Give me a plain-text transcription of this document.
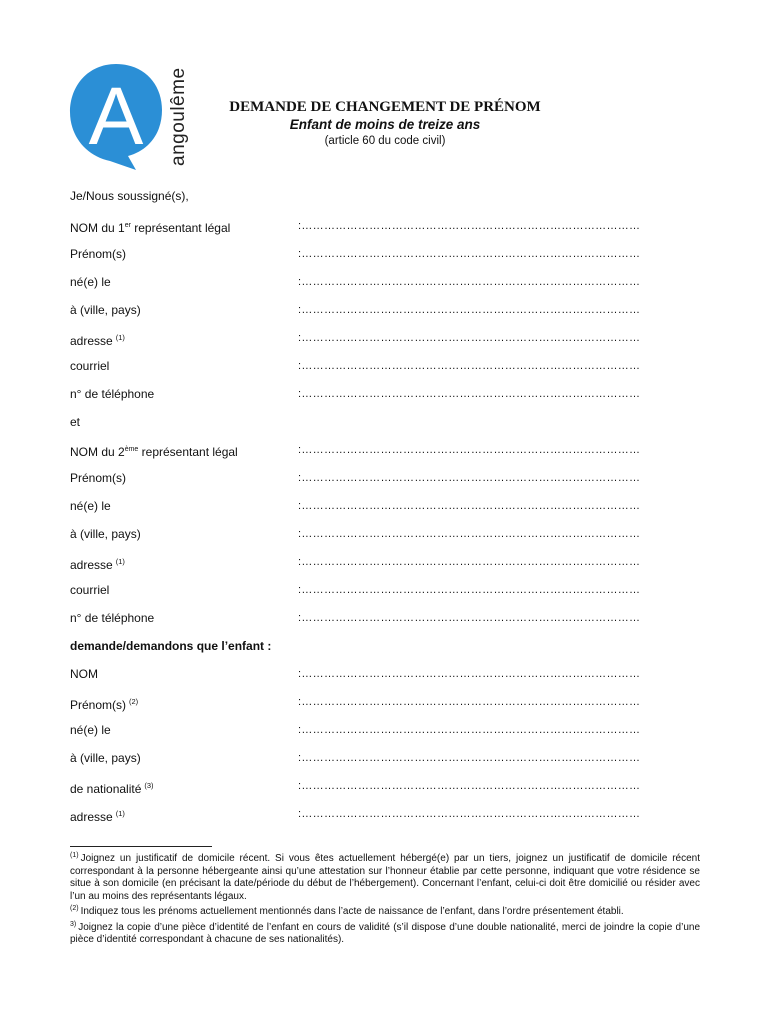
A angoulême	DEMANDE DE CHANGEMENT DE PRÉNOM

Enfant de moins de treize ans

(article 60 du code civil)

Je/Nous soussigné(s),
NOM du 1er représentant légal	:………………………………………………………………………………
Prénom(s)	:………………………………………………………………………………
né(e) le	:………………………………………………………………………………
à (ville, pays)	:………………………………………………………………………………
adresse $^{(1)}$	:………………………………………………………………………………
courriel	:………………………………………………………………………………
n° de téléphone	:………………………………………………………………………………
et
NOM du 2ème représentant légal	:………………………………………………………………………………
Prénom(s)	:………………………………………………………………………………
né(e) le	:………………………………………………………………………………
à (ville, pays)	:………………………………………………………………………………
adresse $^{(1)}$	:………………………………………………………………………………
courriel	:………………………………………………………………………………
n° de téléphone	:………………………………………………………………………………
demande/demandons que l’enfant :
NOM	:………………………………………………………………………………
Prénom(s) $^{(2)}$	:………………………………………………………………………………
né(e) le	:………………………………………………………………………………
à (ville, pays)	:………………………………………………………………………………
de nationalité $^{(3)}$	:………………………………………………………………………………
adresse $^{(1)}$	:………………………………………………………………………………

$^{(1)}$ Joignez un justificatif de domicile récent. Si vous êtes actuellement hébergé(e) par un tiers, joignez un justificatif de domicile récent correspondant à la personne hébergeante ainsi qu’une attestation sur l’honneur établie par cette personne, indiquant que votre résidence se situe à son domicile (en précisant la date/période du début de l’hébergement). Concernant l’enfant, celui-ci doit être domicilié ou résider avec l’un au moins des représentants légaux.

$^{(2)}$ Indiquez tous les prénoms actuellement mentionnés dans l’acte de naissance de l’enfant, dans l’ordre présentement établi.

$^{3)}$ Joignez la copie d’une pièce d’identité de l’enfant en cours de validité (s’il dispose d’une double nationalité, merci de joindre la copie d’une pièce d’identité correspondant à chacune de ses nationalités).
